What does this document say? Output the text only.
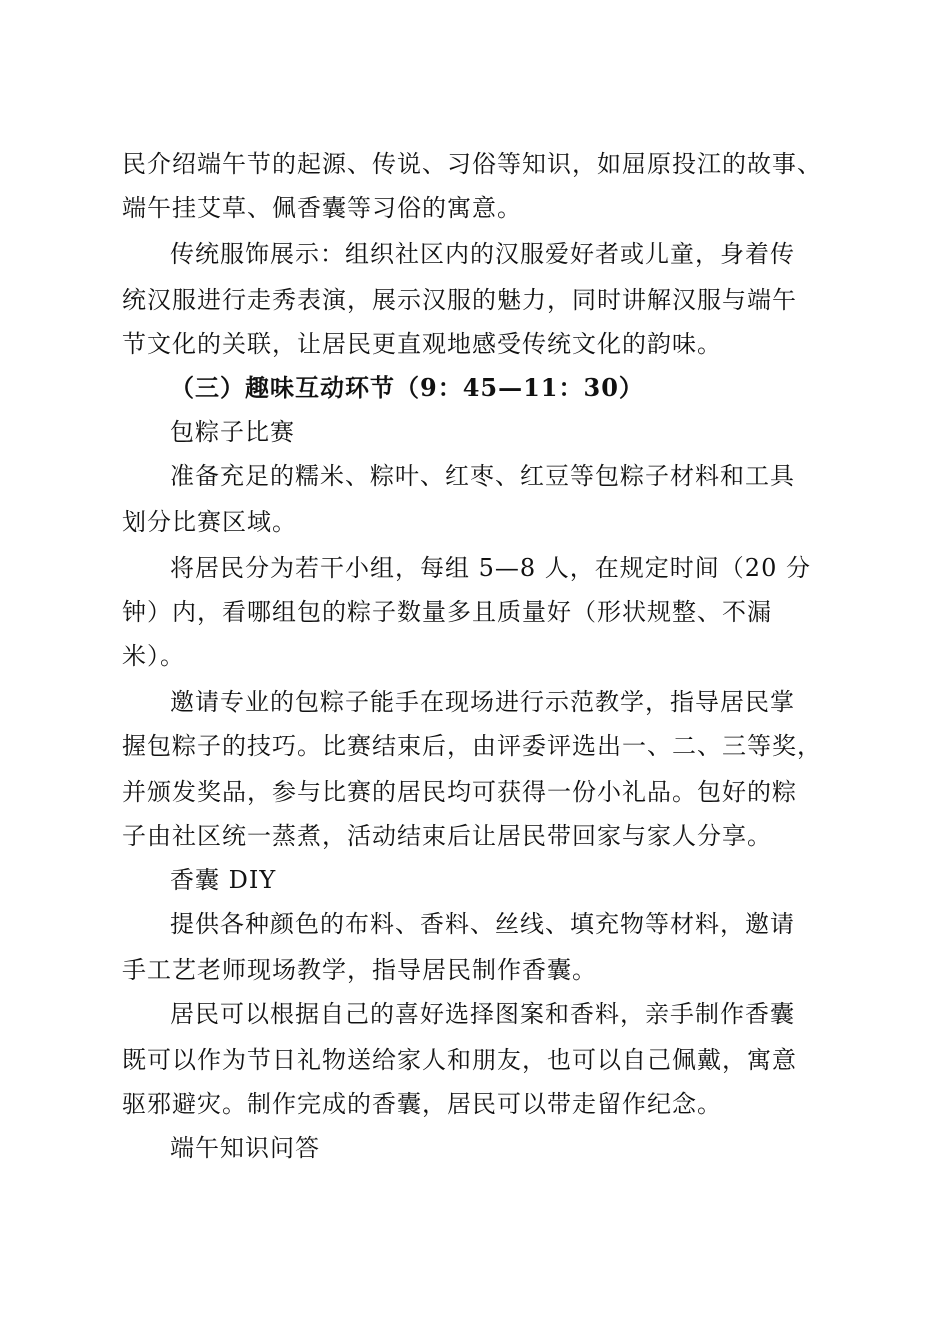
民介绍端午节的起源、传说、习俗等知识，如屈原投江的故事、
端午挂艾草、佩香囊等习俗的寓意。
传统服饰展示：组织社区内的汉服爱好者或儿童，身着传
统汉服进行走秀表演，展示汉服的魅力，同时讲解汉服与端午
节文化的关联，让居民更直观地感受传统文化的韵味。
（三）趣味互动环节（9：45—11：30）
包粽子比赛
准备充足的糯米、粽叶、红枣、红豆等包粽子材料和工具
划分比赛区域。
将居民分为若干小组，每组 5—8 人，在规定时间（20 分
钟）内，看哪组包的粽子数量多且质量好（形状规整、不漏
米）。
邀请专业的包粽子能手在现场进行示范教学，指导居民掌
握包粽子的技巧。比赛结束后，由评委评选出一、二、三等奖，
并颁发奖品，参与比赛的居民均可获得一份小礼品。包好的粽
子由社区统一蒸煮，活动结束后让居民带回家与家人分享。
香囊 DIY
提供各种颜色的布料、香料、丝线、填充物等材料，邀请
手工艺老师现场教学，指导居民制作香囊。
居民可以根据自己的喜好选择图案和香料，亲手制作香囊
既可以作为节日礼物送给家人和朋友，也可以自己佩戴，寓意
驱邪避灾。制作完成的香囊，居民可以带走留作纪念。
端午知识问答
